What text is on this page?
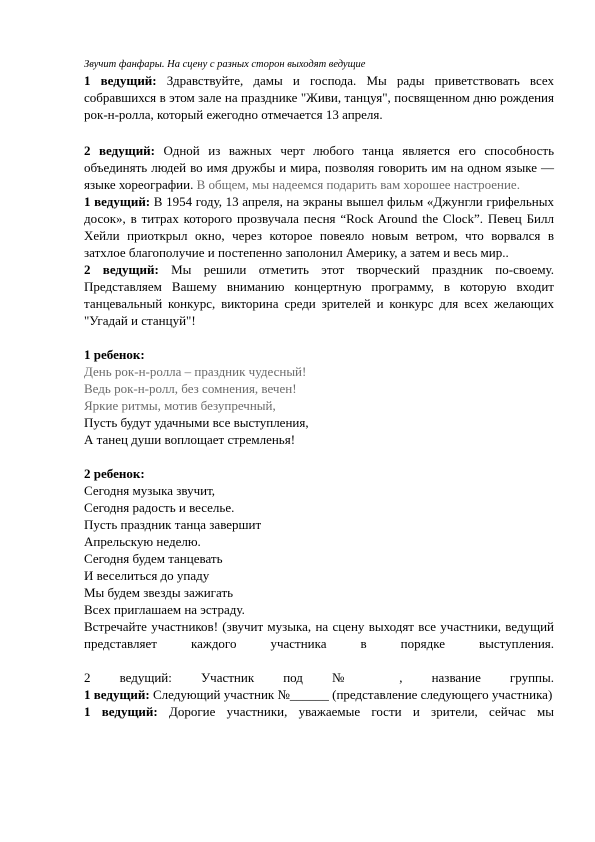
Звучит фанфары. На сцену с разных сторон выходят ведущие

1 ведущий: Здравствуйте, дамы и господа. Мы рады приветствовать всех собравшихся в этом зале на празднике "Живи, танцуя", посвященном дню рождения рок-н-ролла, который ежегодно отмечается 13 апреля.

2 ведущий: Одной из важных черт любого танца является его способность объединять людей во имя дружбы и мира, позволяя говорить им на одном языке — языке хореографии. В общем, мы надеемся подарить вам хорошее настроение.

1 ведущий: В 1954 году, 13 апреля, на экраны вышел фильм «Джунгли грифельных досок», в титрах которого прозвучала песня “Rock Around the Clock”. Певец Билл Хейли приоткрыл окно, через которое повеяло новым ветром, что ворвался в затхлое благополучие и постепенно заполонил Америку, а затем и весь мир..

2 ведущий: Мы решили отметить этот творческий праздник по-своему. Представляем Вашему вниманию концертную программу, в которую входит танцевальный конкурс, викторина среди зрителей и конкурс для всех желающих "Угадай и станцуй"!

1 ребенок:

День рок-н-ролла – праздник чудесный!

Ведь рок-н-ролл, без сомнения, вечен!

Яркие ритмы, мотив безупречный,

Пусть будут удачными все выступления,

А танец души воплощает стремленья!

2 ребенок:

Сегодня музыка звучит,

Сегодня радость и веселье.

Пусть праздник танца завершит

Апрельскую неделю.

Сегодня будем танцевать

И веселиться до упаду

Мы будем звезды зажигать

Всех приглашаем на эстраду.

Встречайте участников! (звучит музыка, на сцену выходят все участники, ведущий представляет каждого участника в порядке выступления.

2 ведущий: Участник под № , название группы.

1 ведущий: Следующий участник №______ (представление следующего участника)

1 ведущий: Дорогие участники, уважаемые гости и зрители, сейчас мы
